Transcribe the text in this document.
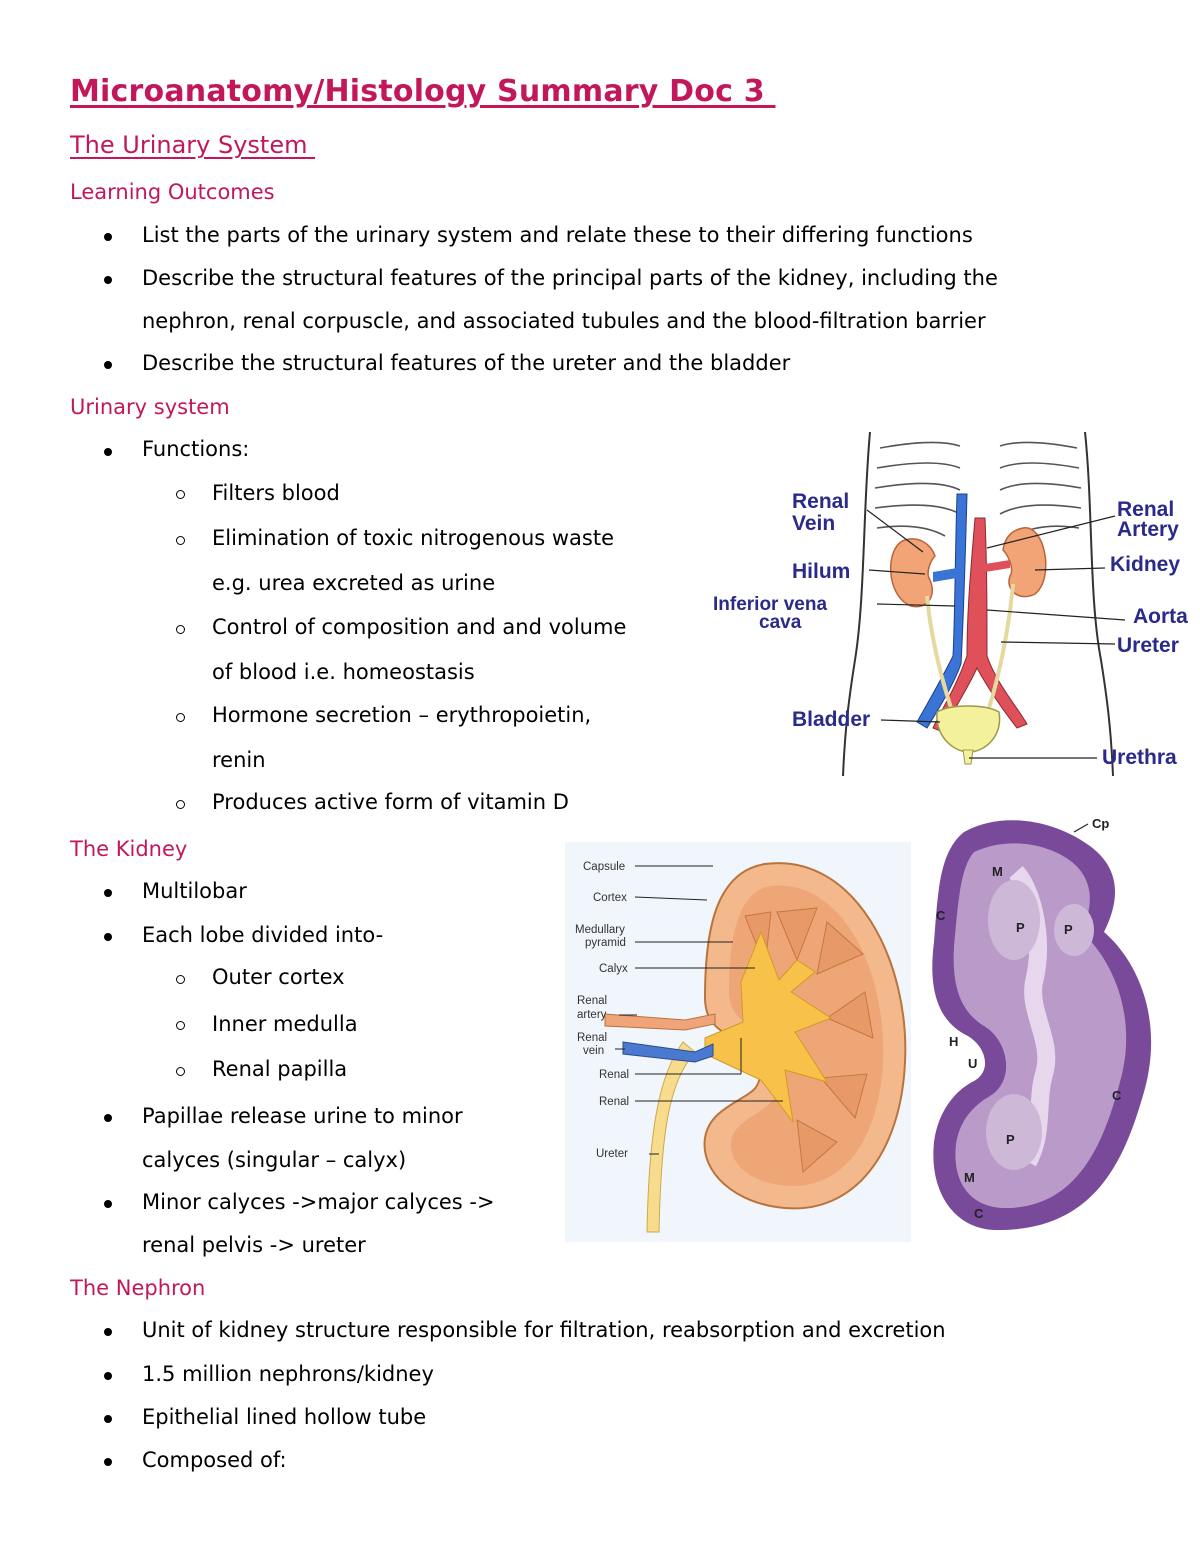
Microanatomy/Histology Summary Doc 3
The Urinary System
Learning Outcomes
List the parts of the urinary system and relate these to their differing functions
Describe the structural features of the principal parts of the kidney, including the
nephron, renal corpuscle, and associated tubules and the blood-filtration barrier
Describe the structural features of the ureter and the bladder
Urinary system
Functions:
Filters blood
Elimination of toxic nitrogenous waste
e.g. urea excreted as urine
Control of composition and and volume
of blood i.e. homeostasis
Hormone secretion – erythropoietin,
renin
Produces active form of vitamin D
The Kidney
Multilobar
Each lobe divided into-
Outer cortex
Inner medulla
Renal papilla
Papillae release urine to minor
calyces (singular – calyx)
Minor calyces ->major calyces ->
renal pelvis -> ureter
The Nephron
Unit of kidney structure responsible for filtration, reabsorption and excretion
1.5 million nephrons/kidney
Epithelial lined hollow tube
Composed of:
Renal
Vein
Hilum
Inferior vena
cava
Bladder
Renal
Artery
Kidney
Aorta
Ureter
Urethra
Capsule
Cortex
Medullary
pyramid
Calyx
Renal
artery
Renal
vein
Renal
Renal
Ureter
Cp
M
C
P	P
H
U
C
P
M
C
